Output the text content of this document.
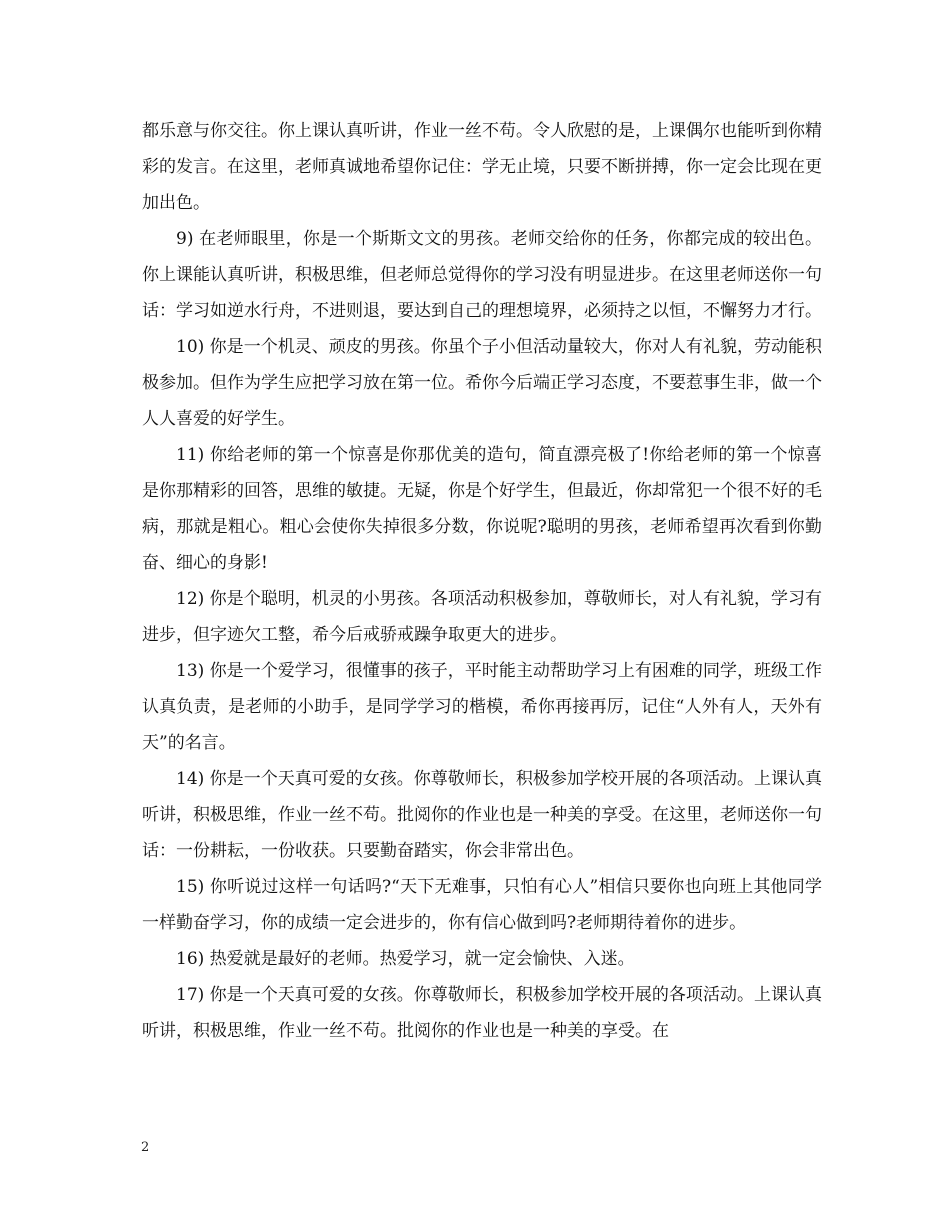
都乐意与你交往。你上课认真听讲，作业一丝不苟。令人欣慰的是，上课偶尔也能听到你精彩的发言。在这里，老师真诚地希望你记住：学无止境，只要不断拼搏，你一定会比现在更加出色。

9) 在老师眼里，你是一个斯斯文文的男孩。老师交给你的任务，你都完成的较出色。你上课能认真听讲，积极思维，但老师总觉得你的学习没有明显进步。在这里老师送你一句话：学习如逆水行舟，不进则退，要达到自己的理想境界，必须持之以恒，不懈努力才行。

10) 你是一个机灵、顽皮的男孩。你虽个子小但活动量较大，你对人有礼貌，劳动能积极参加。但作为学生应把学习放在第一位。希你今后端正学习态度，不要惹事生非，做一个人人喜爱的好学生。

11) 你给老师的第一个惊喜是你那优美的造句，简直漂亮极了!你给老师的第一个惊喜是你那精彩的回答，思维的敏捷。无疑，你是个好学生，但最近，你却常犯一个很不好的毛病，那就是粗心。粗心会使你失掉很多分数，你说呢?聪明的男孩，老师希望再次看到你勤奋、细心的身影!

12) 你是个聪明，机灵的小男孩。各项活动积极参加，尊敬师长，对人有礼貌，学习有进步，但字迹欠工整，希今后戒骄戒躁争取更大的进步。

13) 你是一个爱学习，很懂事的孩子，平时能主动帮助学习上有困难的同学，班级工作认真负责，是老师的小助手，是同学学习的楷模，希你再接再厉，记住“人外有人，天外有天”的名言。

14) 你是一个天真可爱的女孩。你尊敬师长，积极参加学校开展的各项活动。上课认真听讲，积极思维，作业一丝不苟。批阅你的作业也是一种美的享受。在这里，老师送你一句话：一份耕耘，一份收获。只要勤奋踏实，你会非常出色。

15) 你听说过这样一句话吗?“天下无难事，只怕有心人”相信只要你也向班上其他同学一样勤奋学习，你的成绩一定会进步的，你有信心做到吗?老师期待着你的进步。

16) 热爱就是最好的老师。热爱学习，就一定会愉快、入迷。

17) 你是一个天真可爱的女孩。你尊敬师长，积极参加学校开展的各项活动。上课认真听讲，积极思维，作业一丝不苟。批阅你的作业也是一种美的享受。在

2
